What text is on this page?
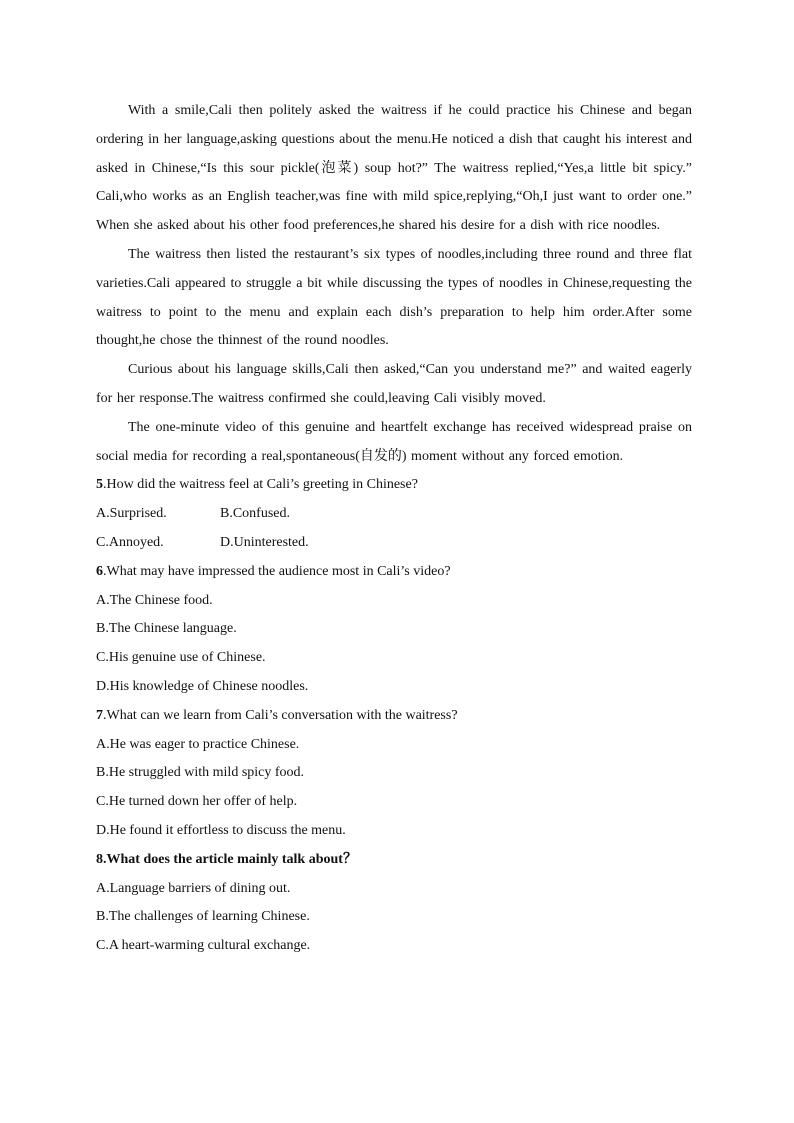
With a smile,Cali then politely asked the waitress if he could practice his Chinese and began ordering in her language,asking questions about the menu.He noticed a dish that caught his interest and asked in Chinese,“Is this sour pickle(泡菜) soup hot?” The waitress replied,“Yes,a little bit spicy.” Cali,who works as an English teacher,was fine with mild spice,replying,“Oh,I just want to order one.” When she asked about his other food preferences,he shared his desire for a dish with rice noodles.

The waitress then listed the restaurant’s six types of noodles,including three round and three flat varieties.Cali appeared to struggle a bit while discussing the types of noodles in Chinese,requesting the waitress to point to the menu and explain each dish’s preparation to help him order.After some thought,he chose the thinnest of the round noodles.

Curious about his language skills,Cali then asked,“Can you understand me?” and waited eagerly for her response.The waitress confirmed she could,leaving Cali visibly moved.

The one-minute video of this genuine and heartfelt exchange has received widespread praise on social media for recording a real,spontaneous(自发的) moment without any forced emotion.

5.How did the waitress feel at Cali’s greeting in Chinese?

A.Surprised.	B.Confused.
C.Annoyed.	D.Uninterested.

6.What may have impressed the audience most in Cali’s video?

A.The Chinese food.
B.The Chinese language.
C.His genuine use of Chinese.
D.His knowledge of Chinese noodles.

7.What can we learn from Cali’s conversation with the waitress?

A.He was eager to practice Chinese.
B.He struggled with mild spicy food.
C.He turned down her offer of help.
D.He found it effortless to discuss the menu.

8.What does the article mainly talk about？

A.Language barriers of dining out.
B.The challenges of learning Chinese.
C.A heart-warming cultural exchange.
